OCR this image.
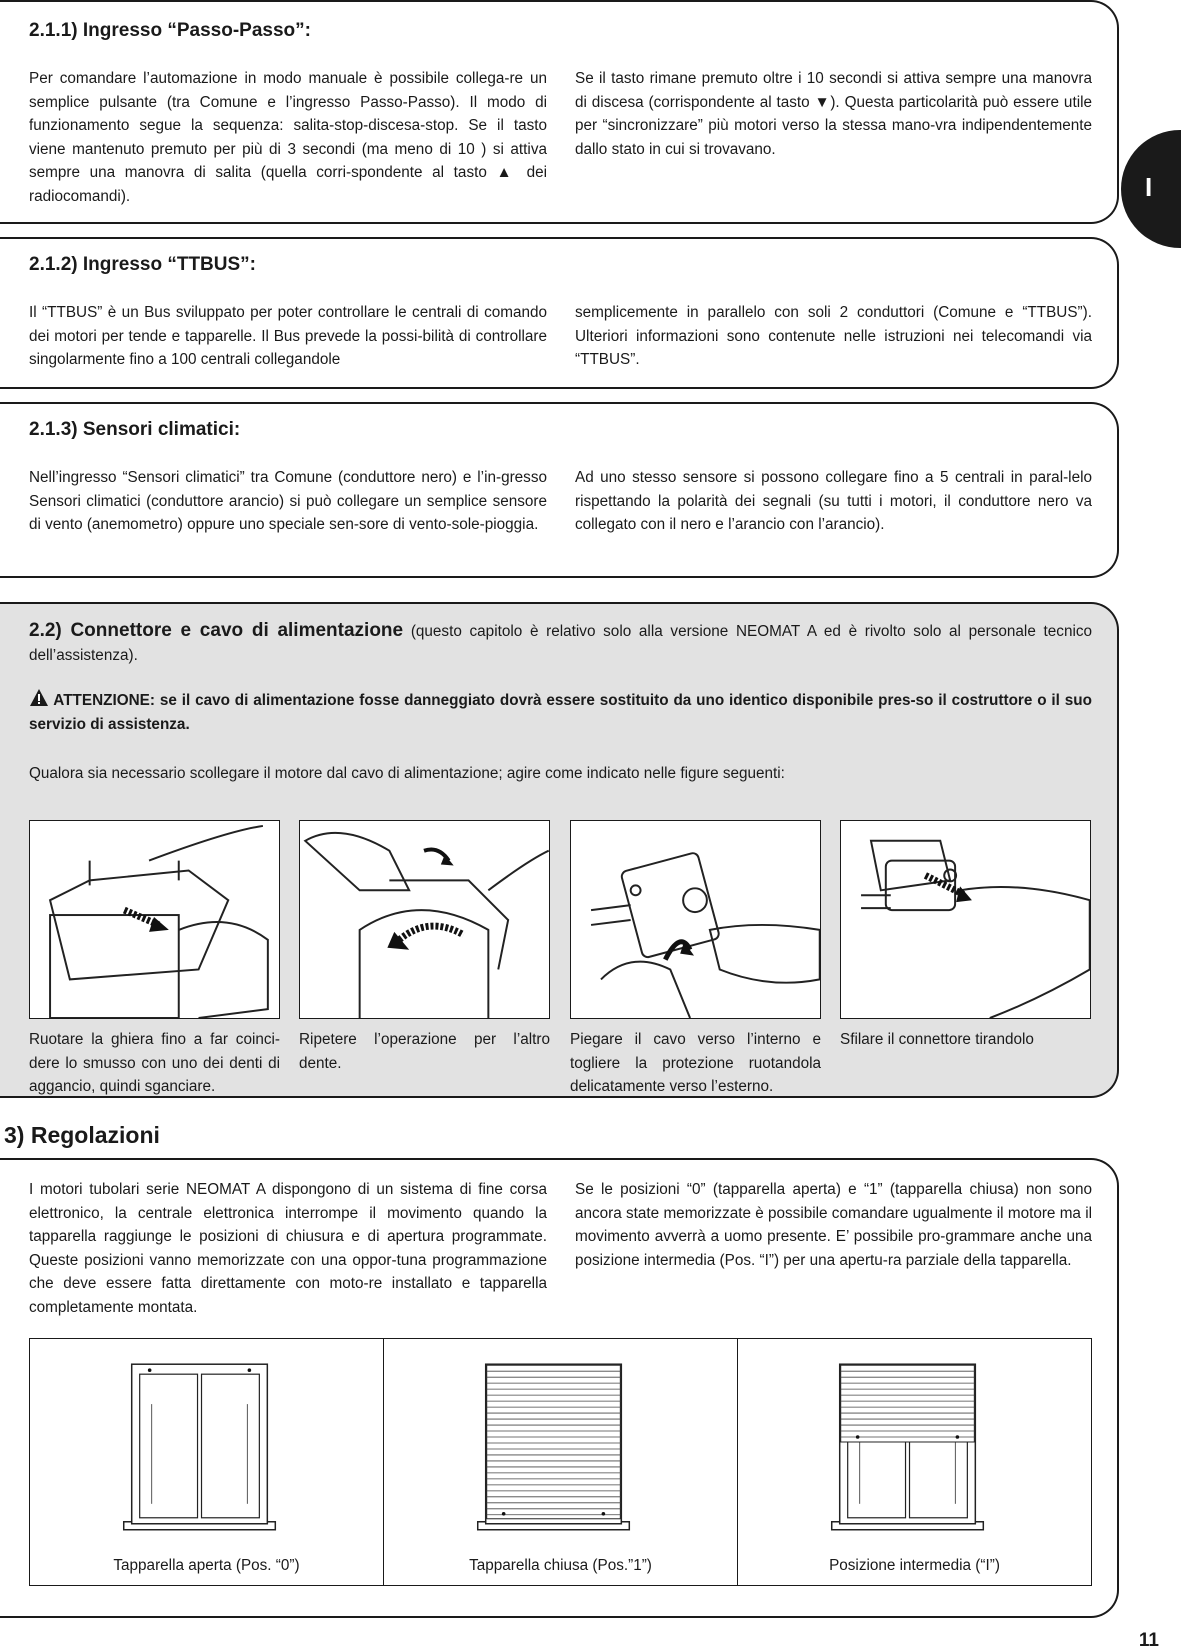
I
2.1.1) Ingresso “Passo-Passo”:

Per comandare l’automazione in modo manuale è possibile collega-re un semplice pulsante (tra Comune e l’ingresso Passo-Passo). Il modo di funzionamento segue la sequenza: salita-stop-discesa-stop. Se il tasto viene mantenuto premuto per più di 3 secondi (ma meno di 10 ) si attiva sempre una manovra di salita (quella corri-spondente al tasto ▲ dei radiocomandi).

Se il tasto rimane premuto oltre i 10 secondi si attiva sempre una manovra di discesa (corrispondente al tasto ▼). Questa particolarità può essere utile per “sincronizzare” più motori verso la stessa mano-vra indipendentemente dallo stato in cui si trovavano.

2.1.2) Ingresso “TTBUS”:

Il “TTBUS” è un Bus sviluppato per poter controllare le centrali di comando dei motori per tende e tapparelle. Il Bus prevede la possi-bilità di controllare singolarmente fino a 100 centrali collegandole

semplicemente in parallelo con soli 2 conduttori (Comune e “TTBUS”). Ulteriori informazioni sono contenute nelle istruzioni nei telecomandi via “TTBUS”.

2.1.3) Sensori climatici:

Nell’ingresso “Sensori climatici” tra Comune (conduttore nero) e l’in-gresso Sensori climatici (conduttore arancio) si può collegare un semplice sensore di vento (anemometro) oppure uno speciale sen-sore di vento-sole-pioggia.

Ad uno stesso sensore si possono collegare fino a 5 centrali in paral-lelo rispettando la polarità dei segnali (su tutti i motori, il conduttore nero va collegato con il nero e l’arancio con l’arancio).

2.2) Connettore e cavo di alimentazione (questo capitolo è relativo solo alla versione NEOMAT A ed è rivolto solo al personale tecnico dell’assistenza).

ATTENZIONE: se il cavo di alimentazione fosse danneggiato dovrà essere sostituito da uno identico disponibile pres-so il costruttore o il suo servizio di assistenza.

Qualora sia necessario scollegare il motore dal cavo di alimentazione; agire come indicato nelle figure seguenti:

Ruotare la ghiera fino a far coinci-dere lo smusso con uno dei denti di aggancio, quindi sganciare.

Ripetere l’operazione per l’altro dente.

Piegare il cavo verso l’interno e togliere la protezione ruotandola delicatamente verso l’esterno.

Sfilare il connettore tirandolo

3) Regolazioni

I motori tubolari serie NEOMAT A dispongono di un sistema di fine corsa elettronico, la centrale elettronica interrompe il movimento quando la tapparella raggiunge le posizioni di chiusura e di apertura programmate. Queste posizioni vanno memorizzate con una oppor-tuna programmazione che deve essere fatta direttamente con moto-re installato e tapparella completamente montata.

Se le posizioni “0” (tapparella aperta) e “1” (tapparella chiusa) non sono ancora state memorizzate è possibile comandare ugualmente il motore ma il movimento avverrà a uomo presente. E’ possibile pro-grammare anche una posizione intermedia (Pos. “I”) per una apertu-ra parziale della tapparella.

Tapparella aperta (Pos. “0”)	Tapparella chiusa (Pos.”1”)	Posizione intermedia (“I”)

11
